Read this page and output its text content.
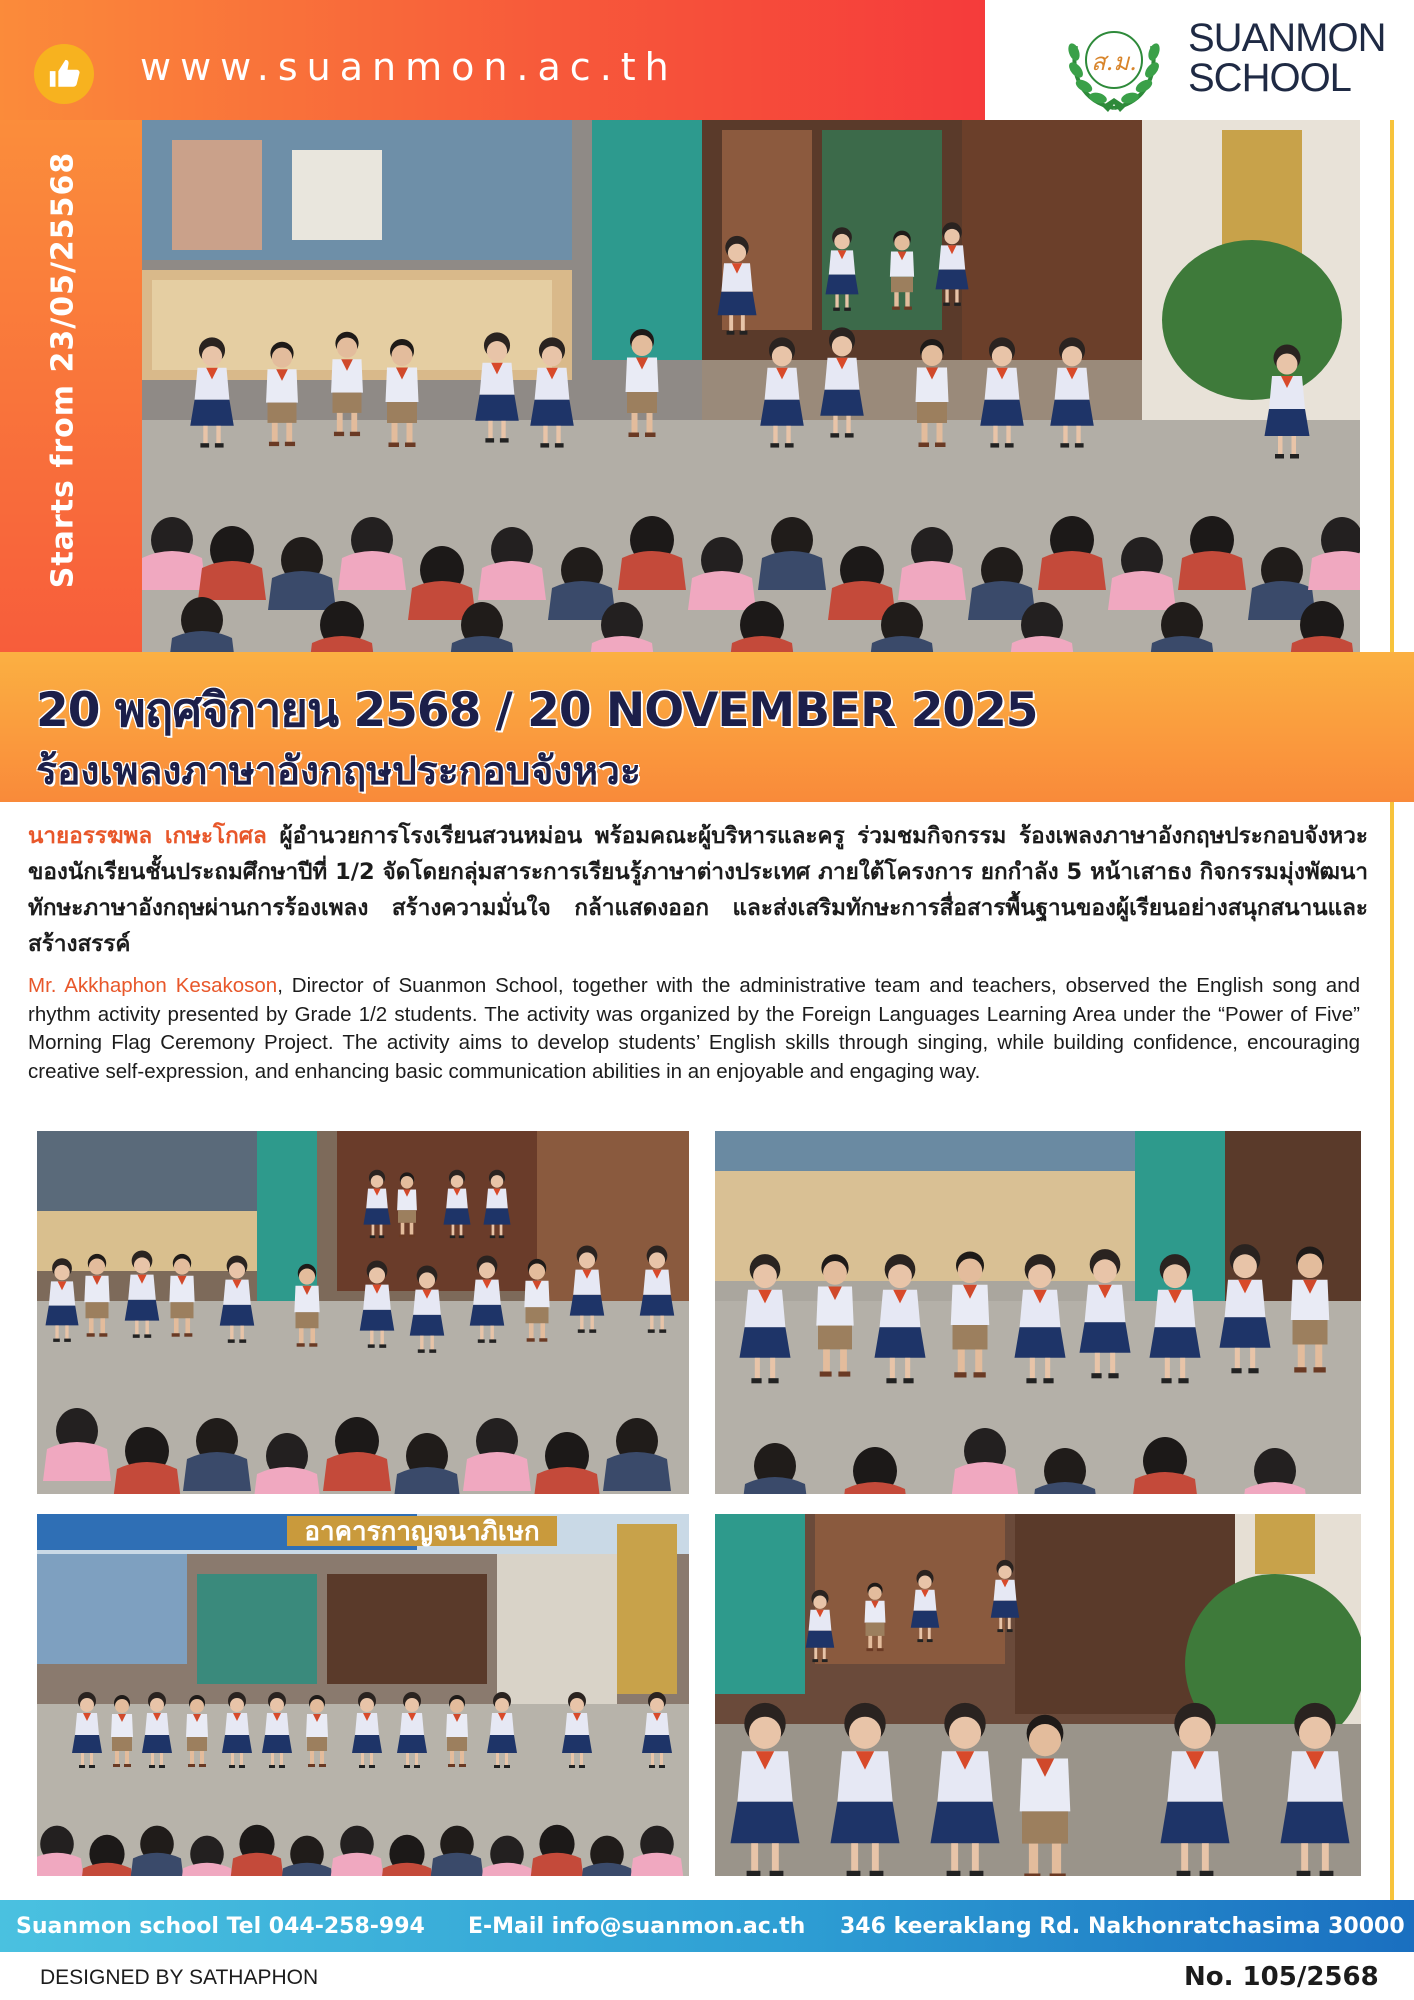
www.suanmon.ac.th	ส.ม.
SUANMON
SCHOOL
Starts from 23/05/25568
20 พฤศจิกายน 2568 / 20 NOVEMBER 2025
ร้องเพลงภาษาอังกฤษประกอบจังหวะ
นายอรรฆพล เกษะโกศล ผู้อำนวยการโรงเรียนสวนหม่อน พร้อมคณะผู้บริหารและครู ร่วมชมกิจกรรม ร้องเพลงภาษาอังกฤษประกอบจังหวะ ของนักเรียนชั้นประถมศึกษาปีที่ 1/2 จัดโดยกลุ่มสาระการเรียนรู้ภาษาต่างประเทศ ภายใต้โครงการ ยกกำลัง 5 หน้าเสาธง กิจกรรมมุ่งพัฒนาทักษะภาษาอังกฤษผ่านการร้องเพลง สร้างความมั่นใจ กล้าแสดงออก และส่งเสริมทักษะการสื่อสารพื้นฐานของผู้เรียนอย่างสนุกสนานและสร้างสรรค์
Mr. Akkhaphon Kesakoson, Director of Suanmon School, together with the administrative team and teachers, observed the English song and rhythm activity presented by Grade 1/2 students. The activity was organized by the Foreign Languages Learning Area under the “Power of Five” Morning Flag Ceremony Project. The activity aims to develop students’ English skills through singing, while building confidence, encouraging creative self-expression, and enhancing basic communication abilities in an enjoyable and engaging way.
อาคารกาญจนาภิเษก
Suanmon school Tel 044-258-994 E-Mail info@suanmon.ac.th 346 keeraklang Rd. Nakhonratchasima 30000
DESIGNED BY SATHAPHON	No. 105/2568
